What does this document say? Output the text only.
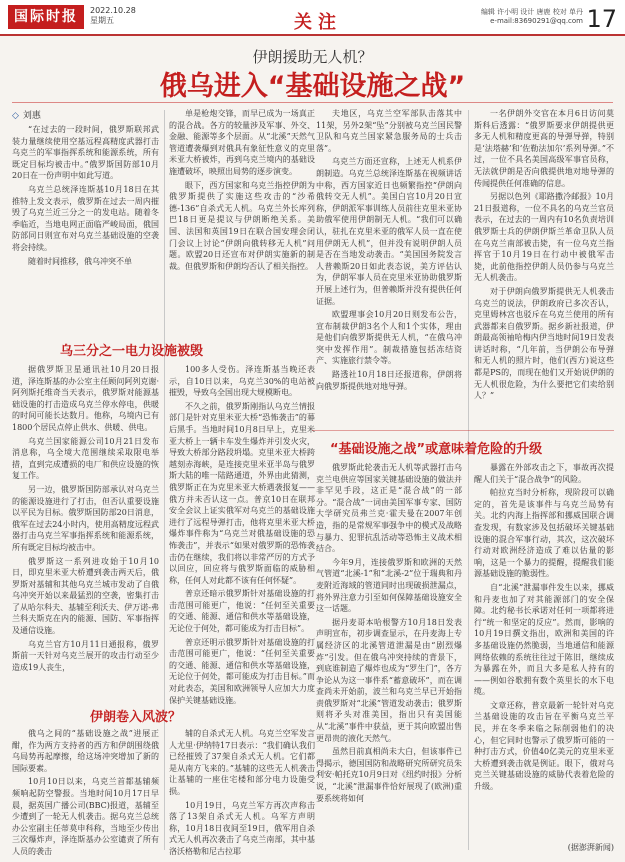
国际时报	2022.10.28
星期五	关注	编辑 许小明 设计 唐鹿 校对 单丹
e-mail:83690291@qq.com 17
伊朗援助无人机？
俄乌进入“基础设施之战”
◇ 刘惠

“在过去的一段时间，俄罗斯联邦武装力量继续使用空基远程高精度武器打击乌克兰的军事指挥系统和能源系统，所有既定目标均被击中。”俄罗斯国防部10月20日在一份声明中如此写道。

乌克兰总统泽连斯基10月18日在其推特上发文表示，俄罗斯在过去一周内摧毁了乌克兰近三分之一的发电站。随着冬季临近，当地电网正面临严峻局面，俄国防部同日则宣布对乌克兰基础设施的空袭将会持续。

随着时间推移，俄乌冲突不单

单是枪炮交锋，而早已成为一场真正的混合战。各方的较量涉及军事、外交、金融、能源等多个层面。从“北溪”天然气管道遭袭爆到对俄具有象征性意义的克里米亚大桥被炸，再到乌克兰境内的基础设施遭破坏，映照出局势的逐步演变。

眼下，西方国家和乌克兰指控伊朗为俄罗斯提供了实施这些攻击的“沙希德-136”自杀式无人机。乌克兰外长库列巴18日更是提议与伊朗断绝关系。美国、法国和英国19日在联合国安理会闭门会议上讨论“伊朗向俄转移无人机”问题。欧盟20日还宣布对伊朗实施新的制裁。但俄罗斯和伊朗均否认了相关指控。

夫地区，乌克兰空军部队击落其中11架，另外2架“坠”分别被乌克兰国民警卫队和乌克兰国家紧急服务局的士兵击落”。

乌克兰方面还宣称，上述无人机系伊朗制造。乌克兰总统泽连斯基在视频讲话中称，西方国家近日也频繁指控“伊朗向俄转交无人机”。美国白宫10月20日宣称，伊朗派军事训练人员前往克里米亚协助俄军使用伊朗制无人机。“我们可以确认，驻扎在克里米亚的俄军人员一直在使用伊朗无人机”，但并没有说明伊朗人员是否在当地发动袭击。“美国国务院发言人普赖斯20日如此表态说，美方评估认为，伊朗军事人员在克里米亚协助俄罗斯开展上述行为，但普赖斯并没有提供任何证据。

欧盟理事会10月20日则发布公告，宣布制裁伊朗3名个人和1个实体，理由是他们向俄罗斯提供无人机，“在俄乌冲突中发挥作用”。制裁措施包括冻结资产、实施旅行禁令等。

路透社10月18日还报道称，伊朗将向俄罗斯提供地对地导弹。

一名伊朗外交官在本月6日访问莫斯科后透露：“俄罗斯要求伊朗提供更多无人机和精度更高的导弹导弹，特别是‘法塔赫’和‘佐勒法加尔’系列导弹。”不过，一位不具名美国高级军事官员称，无法就伊朗是否向俄提供地对地导弹的传闻提供任何准确的信息。

另据以色列《耶路撒冷邮报》10月21日报道称，一位不具名的乌克兰官员表示，在过去的一周内有10名负责培训俄罗斯士兵的伊朗伊斯兰革命卫队人员在乌克兰南部被击毙，有一位乌克兰指挥官于10月19日在行动中被俄军击毙，此前他指控伊朗人员仍参与乌克兰无人机袭击。

对于伊朗向俄罗斯提供无人机袭击乌克兰的说法，伊朗政府已多次否认，克里姆林宫也驳斥在乌克兰使用的所有武器都来自俄罗斯。据乡新社报道，伊朗最高领袖哈梅内伊当地时间19日发表讲话时称，“几年前，当伊朗公布导弹和无人机的照片时，他们(西方)说这些都是PS的，而现在他们又开始说伊朗的无人机很危险，为什么要把它们卖给别人？”

乌三分之一电力设施被毁

据俄罗斯卫星通讯社10月20日报道，泽连斯基的办公室主任顾问阿列克谢·阿列斯托维奇当天表示，俄罗斯对能源基础设施的打击造成乌克兰停水停电，供暖的时间可能长达数月。他称，乌境内已有1800个居民点停止供水、供暖、供电。

乌克兰国家能源公司10月21日发布消息称，乌全境大范围继续采取限电举措，直到完成遭损的电厂和供应设施的恢复工作。

另一边，俄罗斯国防部承认对乌克兰的能源设施进行了打击，但否认重要设施以平民为目标。俄罗斯国防部20日消息，俄军在过去24小时内，使用高精度远程武器打击乌克兰军事指挥系统和能源系统，所有既定目标均被击中。

俄罗斯这一系列进攻始于10月10日，即克里米亚大桥遭到袭击两天后，俄罗斯对基辅和其他乌克兰城市发动了自俄乌冲突开始以来最猛烈的空袭，密集打击了从哈尔科夫、基辅至利沃夫、伊万诺-弗兰科夫斯克在内的能源、国防、军事指挥及通信设施。

乌克兰官方10月11日通报称，俄罗斯前一天针对乌克兰展开的攻击行动至少造成19人丧生，

100多人受伤。泽连斯基当晚还表示，自10日以来，乌克兰30%的电站被摧毁，导致乌全国出现大规模断电。

不久之前，俄罗斯刚指认乌克兰情报部门是针对克里米亚大桥“恐怖袭击”的幕后黑手。当地时间10月8日早上，克里米亚大桥上一辆卡车发生爆炸并引发火灾，导致大桥部分路段坍塌。克里米亚大桥跨越刻赤海峡，是连接克里米亚半岛与俄罗斯大陆的唯一陆路通道，外界由此猜测，俄罗斯正在为克里米亚大桥遇袭报复——俄方并未否认这一点。普京10日在联邦安全会议上证实俄军对乌克兰的基础设施进行了远程导弹打击，他将克里米亚大桥爆炸事件称为“乌克兰对俄基础设施的恐怖袭击”，并表示“如果对俄罗斯的恐怖袭击仍在继续，我们将以非常严厉的方式予以回应，回应将与俄罗斯面临的威胁相称，任何人对此都不该有任何怀疑”。

普京还暗示俄罗斯针对基础设施的打击范围可能更广，他说：“任何至关重要的交通、能源、通信和供水等基础设施，无论位于何处，都可能成为打击目标”。

普京还明示俄罗斯针对基础设施的打击范围可能更广，他说：“任何至关重要的交通、能源、通信和供水等基础设施，无论位于何处，都可能成为打击目标。”而对此表态，美国和欧洲领导人应加大力度保护关键基础设施。

“基础设施之战”或意味着危险的升级

俄罗斯此轮袭击无人机等武器打击乌克兰电供应等国家关键基础设施的做法并非罕见手段，这正是“混合战”的一部分。“混合战”一词由美国军事专家、国防大学研究员弗兰克·霍夫曼在2007年创造，指的是常规军事强争中的模式及战略与暴力、犯罪抗乱活动等恐怖主义战术相结合。

今年9月，连接俄罗斯和欧洲的天然气管道“北溪-1”和“北溪-2”位于瑞典和丹麦附近海域的管道同时出现破损泄漏点，将外界注意力引至如何保障基础设施安全这一话题。

据丹麦哥本哈根警方10月18日发表声明宣布，初步调查显示，在丹麦海上专属经济区的北溪管道泄漏是由“剧烈爆炸”引发。但在俄乌冲突持续的背景下，到底谁制造了爆炸也成为“罗生门”，各方争论从为这一事件系“蓄意破坏”，而在调查尚未开始前，波兰和乌克兰早已开始指责俄罗斯对“北溪”管道发动袭击；俄罗斯则将矛头对准美国，指出只有美国能从“北溪”事件中获益，更于其向欧盟出售更昂贵的液化天然气。

虽然目前真相尚未大白，但该事件已得揭示，德国国防和战略研究所研究员朱利安·帕托克10月9日对《纽约时报》分析说，“北溪”泄漏事件恰好展现了(欧洲)重要系统将如何

暴露在外部攻击之下，事故再次提醒人们关于“混合战争”的风险。

帕拉克当时分析称，现阶段可以确定的，首先是该事件与乌克兰局势有关。北约内海上指挥部和挪威国联合调查发现，有数家涉及包括破坏关键基础设施的混合军事行动，其次，这次破坏行动对欧洲经济造成了难以估量的影响，这是一个暴力的提醒，提醒我们能源基础设施的脆弱性。

自“北溪”泄漏事件发生以来，挪威和丹麦也加了对其能源部门的安全保障。北约秘书长承诺对任何一项都将进行“统一和坚定的反应”。然而，影响的10月19日撰文指出，欧洲和美国的许多基础设施仍然脆弱，当地通信和能源网络依赖的系统往往过于陈旧，继续成为暴露在外，而且大多是私人持有的——例如谷歌拥有数个英里长的水下电缆。

文章还称，普京最新一轮针对乌克兰基础设施的攻击旨在平衡乌克兰平民，并在冬季来临之际削弱他们的决心，但它同时也警示了俄罗斯可能的一种打击方式，价值40亿美元的克里米亚大桥遭到袭击就是例证。眼下，俄对乌克兰关键基础设施的威胁代表着危险的升级。

(据澎湃新闻)
伊朗卷入风波？

俄乌之间的“基础设施之战”进展正酣，作为两方支持者的西方和伊朗围绕俄乌局势再起摩擦，给这场冲突增加了新的国际要素。

10月10日以来，乌克兰首都基辅频频响起防空警报。当地时间10月17日早晨，据英国广播公司(BBC)报道，基辅至少遭到了一轮无人机袭击。据乌克兰总统办公室副主任蒂莫申科称，当地至少传出三次爆炸声，泽连斯基办公室谴责了所有人员的袭击

辅的自杀式无人机。乌克兰空军发言人尤里·伊纳特17日表示：“我们确认我们已经摧毁了37架自杀式无人机。它们都是从南方飞来的。”基辅的这些无人机袭击让基辅的一座住宅楼和部分电力设施受损。

10月19日，乌克兰军方再次声称击落了13架自杀式无人机。乌军方声明称，10月18日夜间至19日，俄军用自杀式无人机再次袭击了乌克兰南部，其中基洛沃格勒和尼古拉耶
